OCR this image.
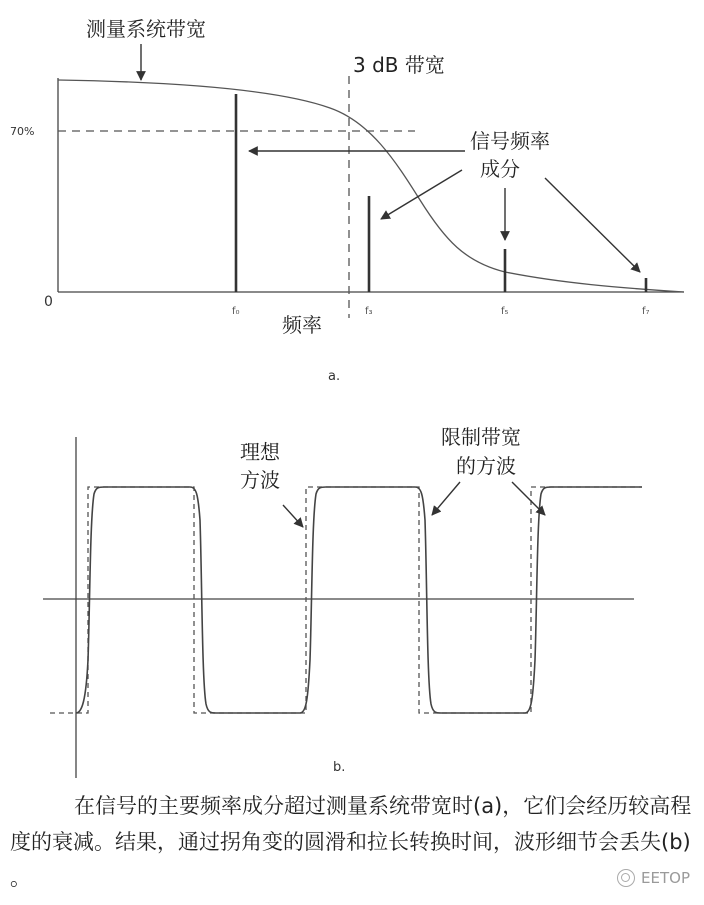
测量系统带宽
3 dB 带宽
信号频率
成分
70%
0
f₀	f₃	f₅	f₇
频率
a.
理想
方波
限制带宽
的方波
b.
在信号的主要频率成分超过测量系统带宽时(a)，它们会经历较高程度的衰减。结果，通过拐角变的圆滑和拉长转换时间，波形细节会丢失(b) 。	EETOP
